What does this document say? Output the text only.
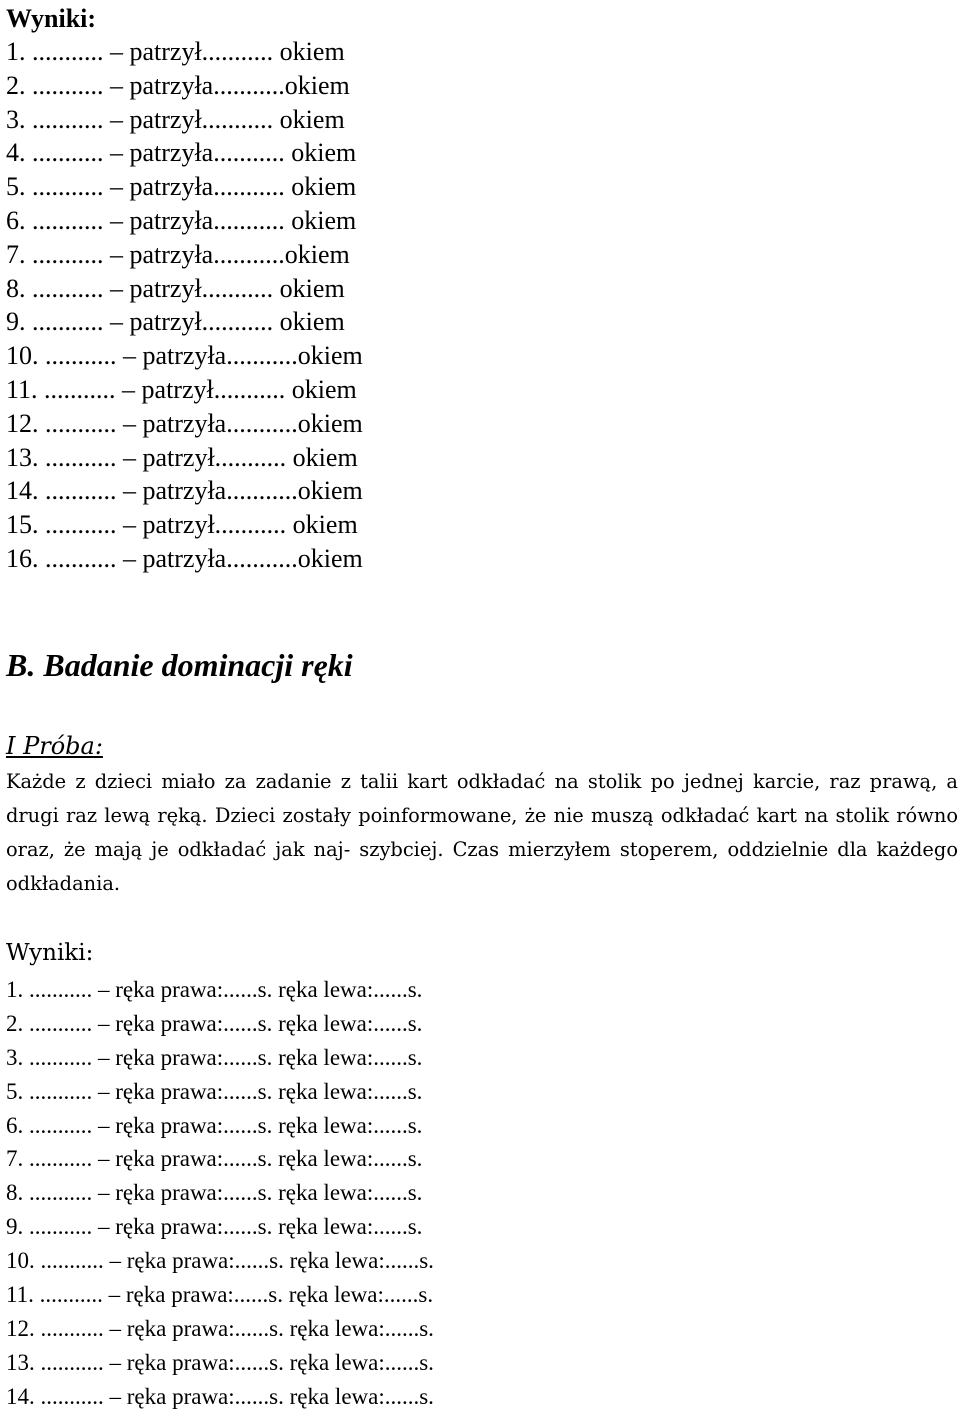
Wyniki:
1. ........... – patrzył........... okiem
2. ........... – patrzyła...........okiem
3. ........... – patrzył........... okiem
4. ........... – patrzyła........... okiem
5. ........... – patrzyła........... okiem
6. ........... – patrzyła........... okiem
7. ........... – patrzyła...........okiem
8. ........... – patrzył........... okiem
9. ........... – patrzył........... okiem
10. ........... – patrzyła...........okiem
11. ........... – patrzył........... okiem
12. ........... – patrzyła...........okiem
13. ........... – patrzył........... okiem
14. ........... – patrzyła...........okiem
15. ........... – patrzył........... okiem
16. ........... – patrzyła...........okiem
B. Badanie dominacji ręki
I Próba:

Każde z dzieci miało za zadanie z talii kart odkładać na stolik po jednej karcie, raz prawą, a drugi raz lewą ręką. Dzieci zostały poinformowane, że nie muszą odkładać kart na stolik równo oraz, że mają je odkładać jak naj- szybciej. Czas mierzyłem stoperem, oddzielnie dla każdego odkładania.

Wyniki:
1. ........... – ręka prawa:......s. ręka lewa:......s.
2. ........... – ręka prawa:......s. ręka lewa:......s.
3. ........... – ręka prawa:......s. ręka lewa:......s.
5. ........... – ręka prawa:......s. ręka lewa:......s.
6. ........... – ręka prawa:......s. ręka lewa:......s.
7. ........... – ręka prawa:......s. ręka lewa:......s.
8. ........... – ręka prawa:......s. ręka lewa:......s.
9. ........... – ręka prawa:......s. ręka lewa:......s.
10. ........... – ręka prawa:......s. ręka lewa:......s.
11. ........... – ręka prawa:......s. ręka lewa:......s.
12. ........... – ręka prawa:......s. ręka lewa:......s.
13. ........... – ręka prawa:......s. ręka lewa:......s.
14. ........... – ręka prawa:......s. ręka lewa:......s.
